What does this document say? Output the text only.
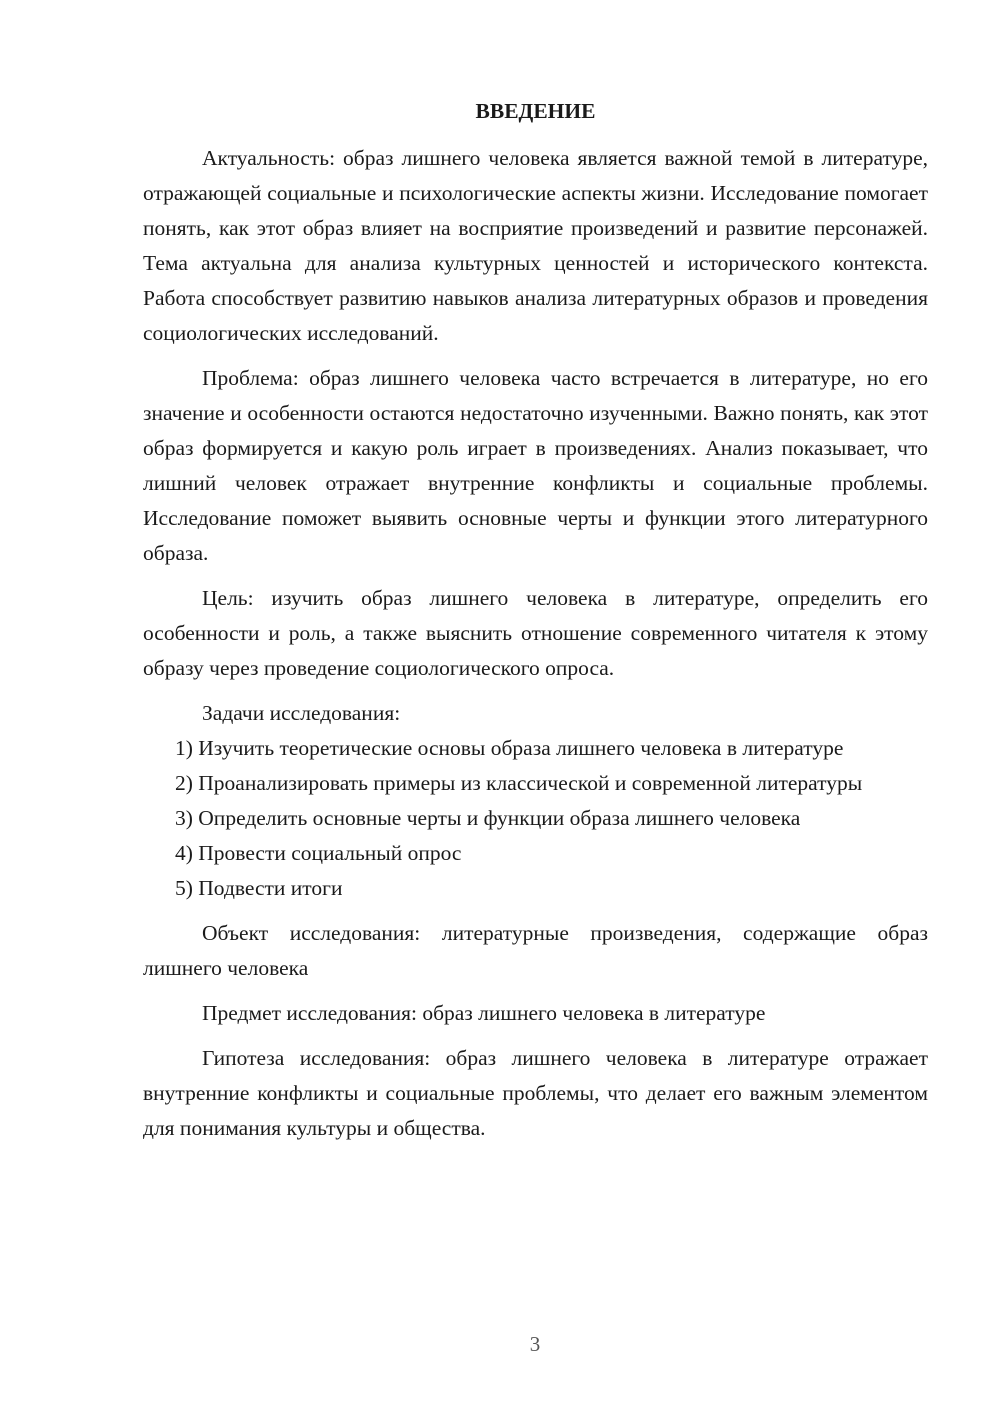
ВВЕДЕНИЕ

Актуальность: образ лишнего человека является важной темой в литературе, отражающей социальные и психологические аспекты жизни. Исследование помогает понять, как этот образ влияет на восприятие произведений и развитие персонажей. Тема актуальна для анализа культурных ценностей и исторического контекста. Работа способствует развитию навыков анализа литературных образов и проведения социологических исследований.

Проблема: образ лишнего человека часто встречается в литературе, но его значение и особенности остаются недостаточно изученными. Важно понять, как этот образ формируется и какую роль играет в произведениях. Анализ показывает, что лишний человек отражает внутренние конфликты и социальные проблемы. Исследование поможет выявить основные черты и функции этого литературного образа.

Цель: изучить образ лишнего человека в литературе, определить его особенности и роль, а также выяснить отношение современного читателя к этому образу через проведение социологического опроса.

Задачи исследования:

1) Изучить теоретические основы образа лишнего человека в литературе

2) Проанализировать примеры из классической и современной литературы

3) Определить основные черты и функции образа лишнего человека

4) Провести социальный опрос

5) Подвести итоги

Объект исследования: литературные произведения, содержащие образ лишнего человека

Предмет исследования: образ лишнего человека в литературе

Гипотеза исследования: образ лишнего человека в литературе отражает внутренние конфликты и социальные проблемы, что делает его важным элементом для понимания культуры и общества.

3
